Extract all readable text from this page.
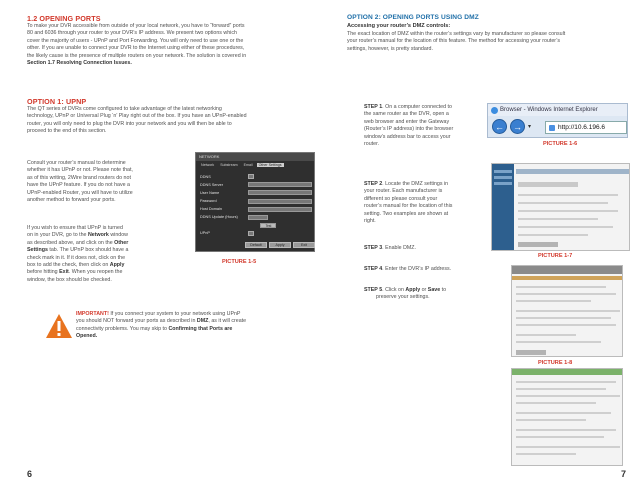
1.2 OPENING PORTS
To make your DVR accessible from outside of your local network, you have to “forward” ports
80 and 6036 through your router to your DVR’s IP address. We present two options which
cover the majority of users - UPnP and Port Forwarding. You will only need to use one or the
other. If you are unable to connect your DVR to the Internet using either of these procedures,
the likely cause is the presence of multiple routers on your network. The solution is covered in
Section 1.7 Resolving Connection Issues.
OPTION 1: UPNP
The QT series of DVRs come configured to take advantage of the latest networking
technology, UPnP or Universal Plug ‘n’ Play right out of the box. If you have an UPnP-enabled
router, you will only need to plug the DVR into your network and you will then be able to
proceed to the end of this section.
Consult your router’s manual to determine
whether it has UPnP or not. Please note that,
as of this writing, 2Wire brand routers do not
have the UPnP feature. If you do not have a
UPnP-enabled Router, you will have to utilize
another method to forward your ports.
If you wish to ensure that UPnP is turned
on in your DVR, go to the Network window
as described above, and click on the Other
Settings tab. The UPnP box should have a
check mark in it. If it does not, click on the
box to add the check, then click on Apply
before hitting Exit. When you reopen the
window, the box should be checked.
NETWORK
Network	Substream	Email	Other Settings
DDNS
DDNS Server
User Name
Password
Host Domain
DDNS Update (Hours)
Test
UPnP
Default	Apply	Exit
PICTURE 1-5
IMPORTANT! If you connect your system to your network using UPnP
you should NOT forward your ports as described in DMZ, as it will create
connectivity problems. You may skip to Confirming that Ports are
Opened.
6
OPTION 2: OPENING PORTS USING DMZ
Accessing your router’s DMZ controls:
The exact location of DMZ within the router’s settings vary by manufacturer so please consult
your router’s manual for the location of this feature. The method for accessing your router’s
settings, however, is pretty standard.
STEP 1. On a computer connected to
the same router as the DVR, open a
web browser and enter the Gateway
(Router’s IP address) into the browser
window’s address bar to access your
router.
STEP 2. Locate the DMZ settings in
your router. Each manufacturer is
different so please consult your
router’s manual for the location of this
setting. Two examples are shown at
right.
STEP 3. Enable DMZ.
STEP 4. Enter the DVR’s IP address.
STEP 5. Click on Apply or Save to
preserve your settings.
7
Browser - Windows Internet Explorer
←	→	▾	http://10.6.196.6
PICTURE 1-6
PICTURE 1-7
PICTURE 1-8
